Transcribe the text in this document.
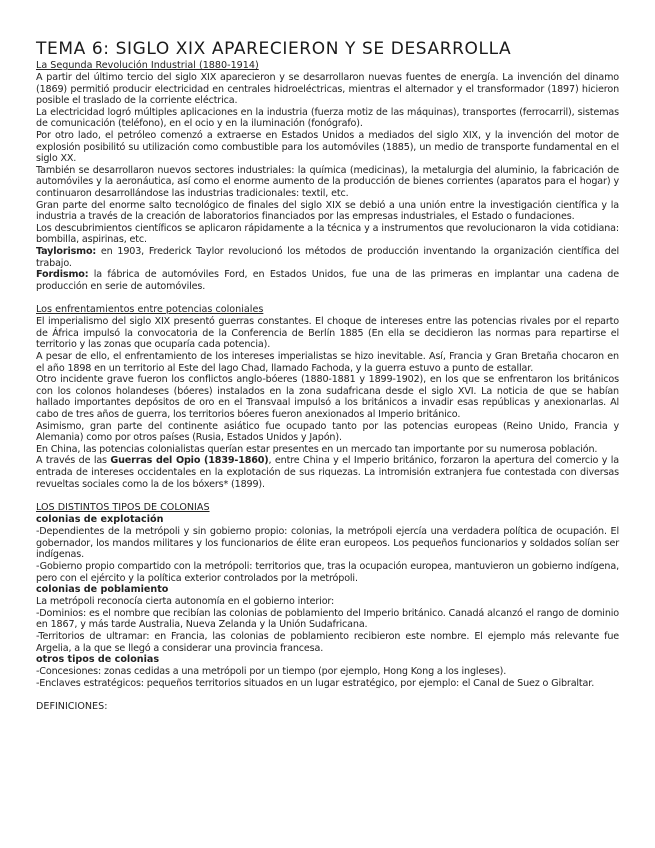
TEMA 6: SIGLO XIX APARECIERON Y SE DESARROLLA

La Segunda Revolución Industrial (1880-1914)

A partir del último tercio del siglo XIX aparecieron y se desarrollaron nuevas fuentes de energía. La invención del dinamo (1869) permitió producir electricidad en centrales hidroeléctricas, mientras el alternador y el transformador (1897) hicieron posible el traslado de la corriente eléctrica.

La electricidad logró múltiples aplicaciones en la industria (fuerza motiz de las máquinas), transportes (ferrocarril), sistemas de comunicación (teléfono), en el ocio y en la iluminación (fonógrafo).

Por otro lado, el petróleo comenzó a extraerse en Estados Unidos a mediados del siglo XIX, y la invención del motor de explosión posibilitó su utilización como combustible para los automóviles (1885), un medio de transporte fundamental en el siglo XX.

También se desarrollaron nuevos sectores industriales: la química (medicinas), la metalurgia del aluminio, la fabricación de automóviles y la aeronáutica, así como el enorme aumento de la producción de bienes corrientes (aparatos para el hogar) y continuaron desarrollándose las industrias tradicionales: textil, etc.

Gran parte del enorme salto tecnológico de finales del siglo XIX se debió a una unión entre la investigación científica y la industria a través de la creación de laboratorios financiados por las empresas industriales, el Estado o fundaciones.

Los descubrimientos científicos se aplicaron rápidamente a la técnica y a instrumentos que revolucionaron la vida cotidiana: bombilla, aspirinas, etc.

Taylorismo: en 1903, Frederick Taylor revolucionó los métodos de producción inventando la organización científica del trabajo.

Fordismo: la fábrica de automóviles Ford, en Estados Unidos, fue una de las primeras en implantar una cadena de producción en serie de automóviles.

Los enfrentamientos entre potencias coloniales

El imperialismo del siglo XIX presentó guerras constantes. El choque de intereses entre las potencias rivales por el reparto de África impulsó la convocatoria de la Conferencia de Berlín 1885 (En ella se decidieron las normas para repartirse el territorio y las zonas que ocuparía cada potencia).

A pesar de ello, el enfrentamiento de los intereses imperialistas se hizo inevitable. Así, Francia y Gran Bretaña chocaron en el año 1898 en un territorio al Este del lago Chad, llamado Fachoda, y la guerra estuvo a punto de estallar.

Otro incidente grave fueron los conflictos anglo-bóeres (1880-1881 y 1899-1902), en los que se enfrentaron los británicos con los colonos holandeses (bóeres) instalados en la zona sudafricana desde el siglo XVI. La noticia de que se habían hallado importantes depósitos de oro en el Transvaal impulsó a los británicos a invadir esas repúblicas y anexionarlas. Al cabo de tres años de guerra, los territorios bóeres fueron anexionados al Imperio británico.

Asimismo, gran parte del continente asiático fue ocupado tanto por las potencias europeas (Reino Unido, Francia y Alemania) como por otros países (Rusia, Estados Unidos y Japón).

En China, las potencias colonialistas querían estar presentes en un mercado tan importante por su numerosa población.

A través de las Guerras del Opio (1839-1860), entre China y el Imperio británico, forzaron la apertura del comercio y la entrada de intereses occidentales en la explotación de sus riquezas. La intromisión extranjera fue contestada con diversas revueltas sociales como la de los bóxers* (1899).

LOS DISTINTOS TIPOS DE COLONIAS

colonias de explotación

-Dependientes de la metrópoli y sin gobierno propio: colonias, la metrópoli ejercía una verdadera política de ocupación. El gobernador, los mandos militares y los funcionarios de élite eran europeos. Los pequeños funcionarios y soldados solían ser indígenas.

-Gobierno propio compartido con la metrópoli: territorios que, tras la ocupación europea, mantuvieron un gobierno indígena, pero con el ejército y la política exterior controlados por la metrópoli.

colonias de poblamiento

La metrópoli reconocía cierta autonomía en el gobierno interior:

-Dominios: es el nombre que recibían las colonias de poblamiento del Imperio británico. Canadá alcanzó el rango de dominio en 1867, y más tarde Australia, Nueva Zelanda y la Unión Sudafricana.

-Territorios de ultramar: en Francia, las colonias de poblamiento recibieron este nombre. El ejemplo más relevante fue Argelia, a la que se llegó a considerar una provincia francesa.

otros tipos de colonias

-Concesiones: zonas cedidas a una metrópoli por un tiempo (por ejemplo, Hong Kong a los ingleses).

-Enclaves estratégicos: pequeños territorios situados en un lugar estratégico, por ejemplo: el Canal de Suez o Gibraltar.

DEFINICIONES:
